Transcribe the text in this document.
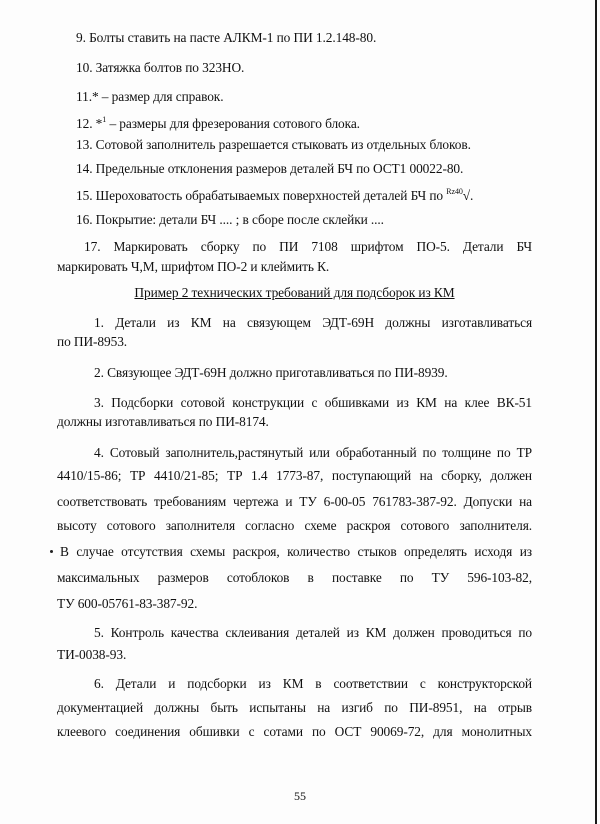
9. Болты ставить на пасте АЛКМ-1 по ПИ 1.2.148-80.
10. Затяжка болтов по 323НО.
11.* – размер для справок.
12. *$^1$ – размеры для фрезерования сотового блока.
13. Сотовой заполнитель разрешается стыковать из отдельных блоков.
14. Предельные отклонения размеров деталей БЧ по ОСТ1 00022-80.
15. Шероховатость обрабатываемых поверхностей деталей БЧ по $^{Rz40}$√.
16. Покрытие: детали БЧ .... ; в сборе после склейки ....
17. Маркировать сборку по ПИ 7108 шрифтом ПО-5. Детали БЧ
маркировать Ч,М, шрифтом ПО-2 и клеймить К.
Пример 2 технических требований для подсборок из КМ
1. Детали из КМ на связующем ЭДТ-69Н должны изготавливаться
по ПИ-8953.
2. Связующее ЭДТ-69Н должно приготавливаться по ПИ-8939.
3. Подсборки сотовой конструкции с обшивками из КМ на клее ВК-51
должны изготавливаться по ПИ-8174.
4. Сотовый заполнитель,растянутый или обработанный по толщине по ТР
4410/15-86; ТР 4410/21-85; ТР 1.4 1773-87, поступающий на сборку, должен
соответствовать требованиям чертежа и ТУ 6-00-05 761783-387-92. Допуски на
высоту сотового заполнителя согласно схеме раскроя сотового заполнителя.
В случае отсутствия схемы раскроя, количество стыков определять исходя из
максимальных размеров сотоблоков в поставке по ТУ 596-103-82,
ТУ 600-05761-83-387-92.
5. Контроль качества склеивания деталей из КМ должен проводиться по
ТИ-0038-93.
6. Детали и подсборки из КМ в соответствии с конструкторской
документацией должны быть испытаны на изгиб по ПИ-8951, на отрыв
клеевого соединения обшивки с сотами по ОСТ 90069-72, для монолитных
55
